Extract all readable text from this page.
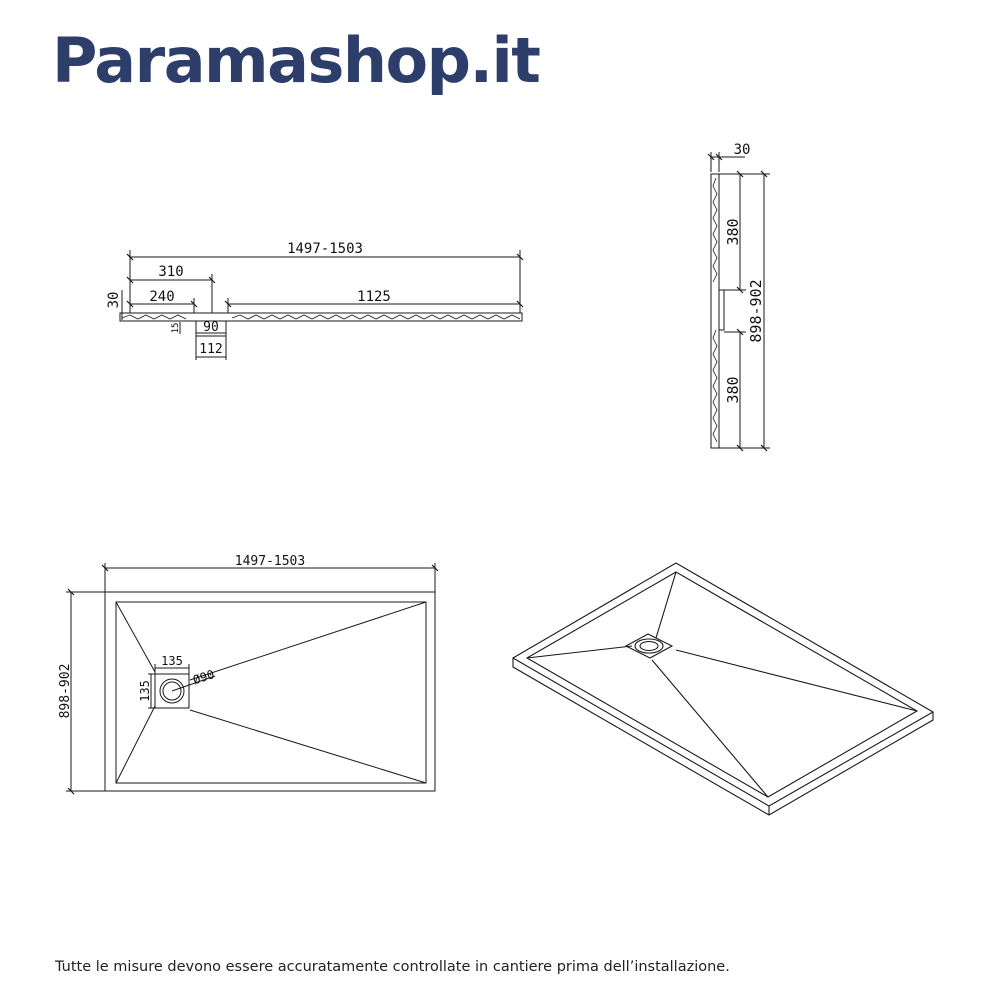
Paramashop.it
1497-1503
310
240	1125
30
15 90
112
30
380
898-902
380
1497-1503
898-902
135
135
Ø90
Tutte le misure devono essere accuratamente controllate in cantiere prima dell’installazione.
